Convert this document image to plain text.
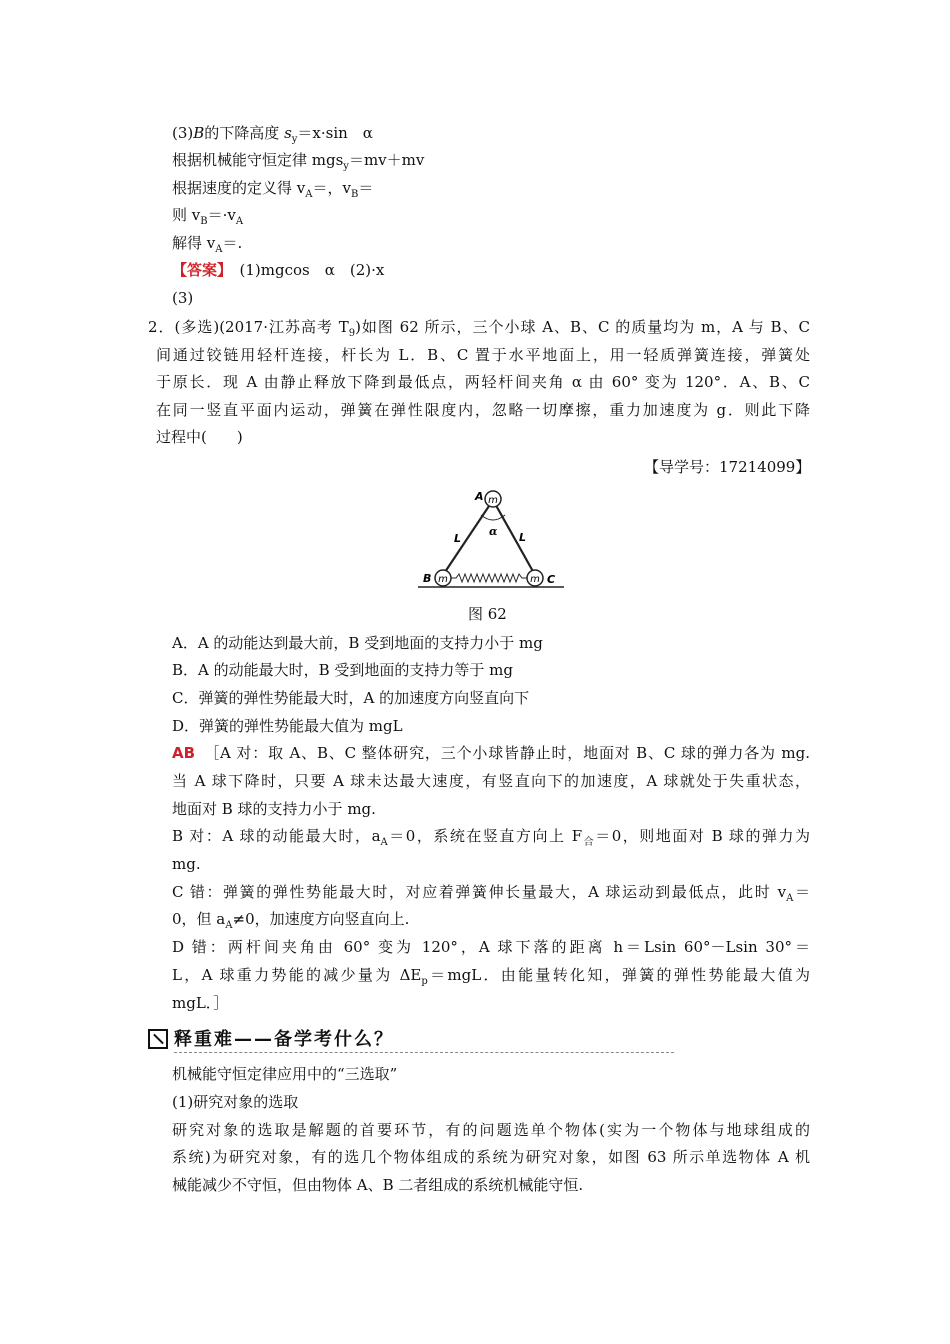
(3)B的下降高度 $s_y=x\cdot\sin$　α
根据机械能守恒定律 mgs$_y$＝mv＋mv
根据速度的定义得 $v_A=$，$v_B=$
则 $v_B=\cdot v_A$
解得 $v_A=$.
【答案】　(1)mgcos　α　(2)·x
(3)
2．(多选)(2017·江苏高考 $T_9$)如图 62 所示，三个小球 A、B、C 的质量均为 m，A 与 B、C
间通过铰链用轻杆连接，杆长为 L．B、C 置于水平地面上，用一轻质弹簧连接，弹簧处
于原长．现 A 由静止释放下降到最低点，两轻杆间夹角 α 由 60° 变为 120°．A、B、C
在同一竖直平面内运动，弹簧在弹性限度内，忽略一切摩擦，重力加速度为 g．则此下降
过程中(　　)
【导学号：17214099】
m
m	m
A
B	C
L	L
α
图 62
A．A 的动能达到最大前，B 受到地面的支持力小于 mg
B．A 的动能最大时，B 受到地面的支持力等于 mg
C．弹簧的弹性势能最大时，A 的加速度方向竖直向下
D．弹簧的弹性势能最大值为 mgL
AB　 ［A 对：取 A、B、C 整体研究，三个小球皆静止时，地面对 B、C 球的弹力各为 mg.
当 A 球下降时，只要 A 球未达最大速度，有竖直向下的加速度，A 球就处于失重状态，
地面对 B 球的支持力小于 mg.
B 对：A 球的动能最大时，$a_A=0$，系统在竖直方向上 $F_合=0$，则地面对 B 球的弹力为
mg.
C 错：弹簧的弹性势能最大时，对应着弹簧伸长量最大，A 球运动到最低点，此时 $v_A=$
0，但 $a_A\ne 0$，加速度方向竖直向上.
D 错：两杆间夹角由 60° 变为 120°，A 球下落的距离 h＝Lsin 60°－Lsin 30°＝
L，A 球重力势能的减少量为 $\Delta E_p=mgL$．由能量转化知，弹簧的弹性势能最大值为
mgL．］
释重难——备学考什么？
机械能守恒定律应用中的“三选取”
(1)研究对象的选取
研究对象的选取是解题的首要环节，有的问题选单个物体(实为一个物体与地球组成的
系统)为研究对象，有的选几个物体组成的系统为研究对象，如图 63 所示单选物体 A 机
械能减少不守恒，但由物体 A、B 二者组成的系统机械能守恒.
